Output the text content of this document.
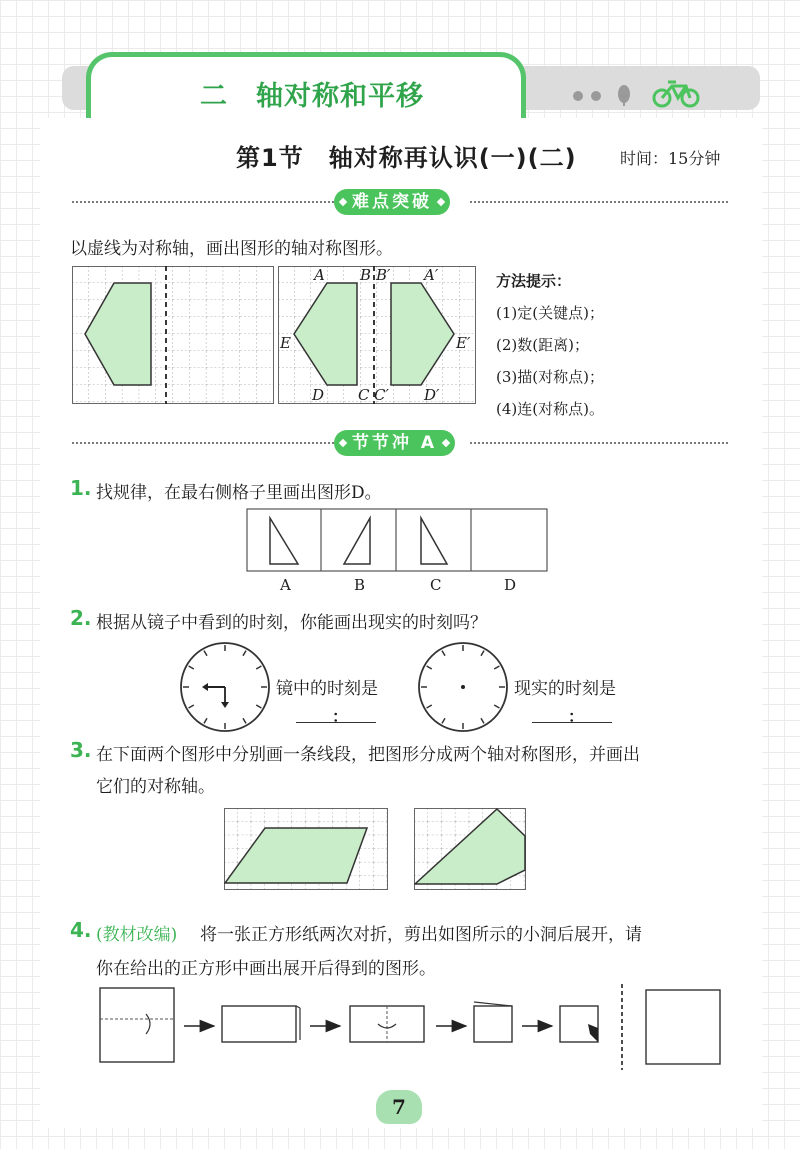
二　轴对称和平移
第1节　轴对称再认识(一)(二)	时间：15分钟
难点突破
以虚线为对称轴，画出图形的轴对称图形。
A B B′ A′
E	E′
D C C′ D′
方法提示：
(1)定(关键点)；
(2)数(距离)；
(3)描(对称点)；
(4)连(对称点)。
节节冲 A
1. 找规律，在最右侧格子里画出图形D。
A	B	C	D
2. 根据从镜子中看到的时刻，你能画出现实的时刻吗？
镜中的时刻是
：
现实的时刻是
：
3. 在下面两个图形中分别画一条线段，把图形分成两个轴对称图形，并画出
它们的对称轴。
4. (教材改编) 将一张正方形纸两次对折，剪出如图所示的小洞后展开，请
你在给出的正方形中画出展开后得到的图形。
7
